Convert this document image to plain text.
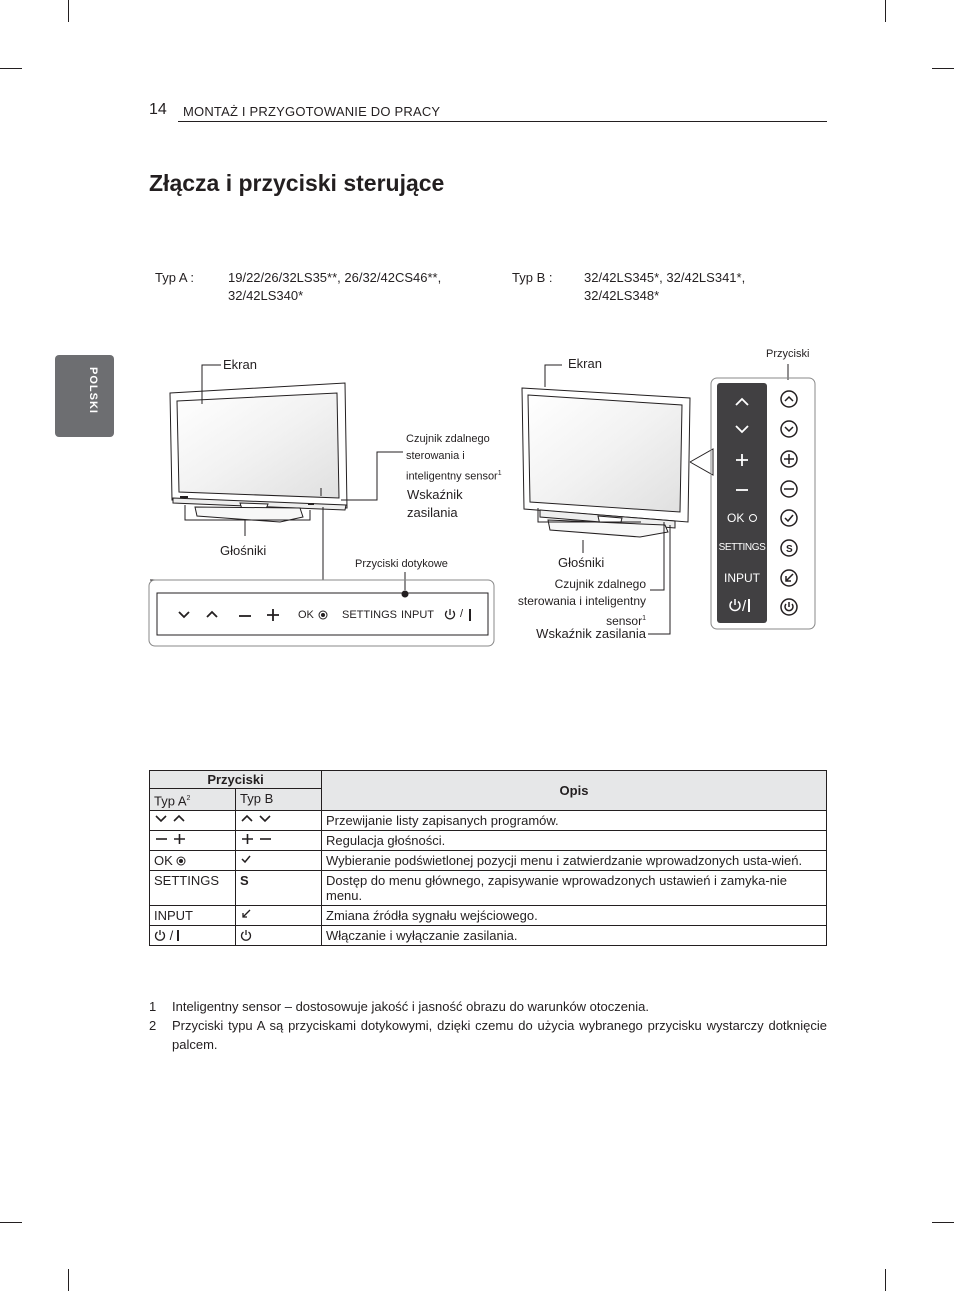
14 MONTAŻ I PRZYGOTOWANIE DO PRACY
POLSKI
Złącza i przyciski sterujące
Typ A :	19/22/26/32LS35**, 26/32/42CS46**,
32/42LS340*
Typ B : 32/42LS345*, 32/42LS341*,
32/42LS348*
S
Ekran
Czujnik zdalnego
sterowania i
inteligentny sensor$^1$
Wskaźnik
zasilania
Głośniki
Przyciski dotykowe
OK	SETTINGS INPUT /
Ekran
Przyciski
Głośniki
Czujnik zdalnego
sterowania i inteligentny
sensor$^1$
Wskaźnik zasilania
OK
SETTINGS
INPUT
/
Przyciski		Opis
Typ $A^2$	Typ B	
		Przewijanie listy zapisanych programów.
		Regulacja głośności.
OK		Wybieranie podświetlonej pozycji menu i zatwierdzanie wprowadzonych usta-wień.
SETTINGS	S	Dostęp do menu głównego, zapisywanie wprowadzonych ustawień i zamyka-nie menu.
INPUT		Zmiana źródła sygnału wejściowego.
/		Włączanie i wyłączanie zasilania.
1 Inteligentny sensor – dostosowuje jakość i jasność obrazu do warunków otoczenia.
2 Przyciski typu A są przyciskami dotykowymi, dzięki czemu do użycia wybranego przycisku wystarczy dotknięcie palcem.
